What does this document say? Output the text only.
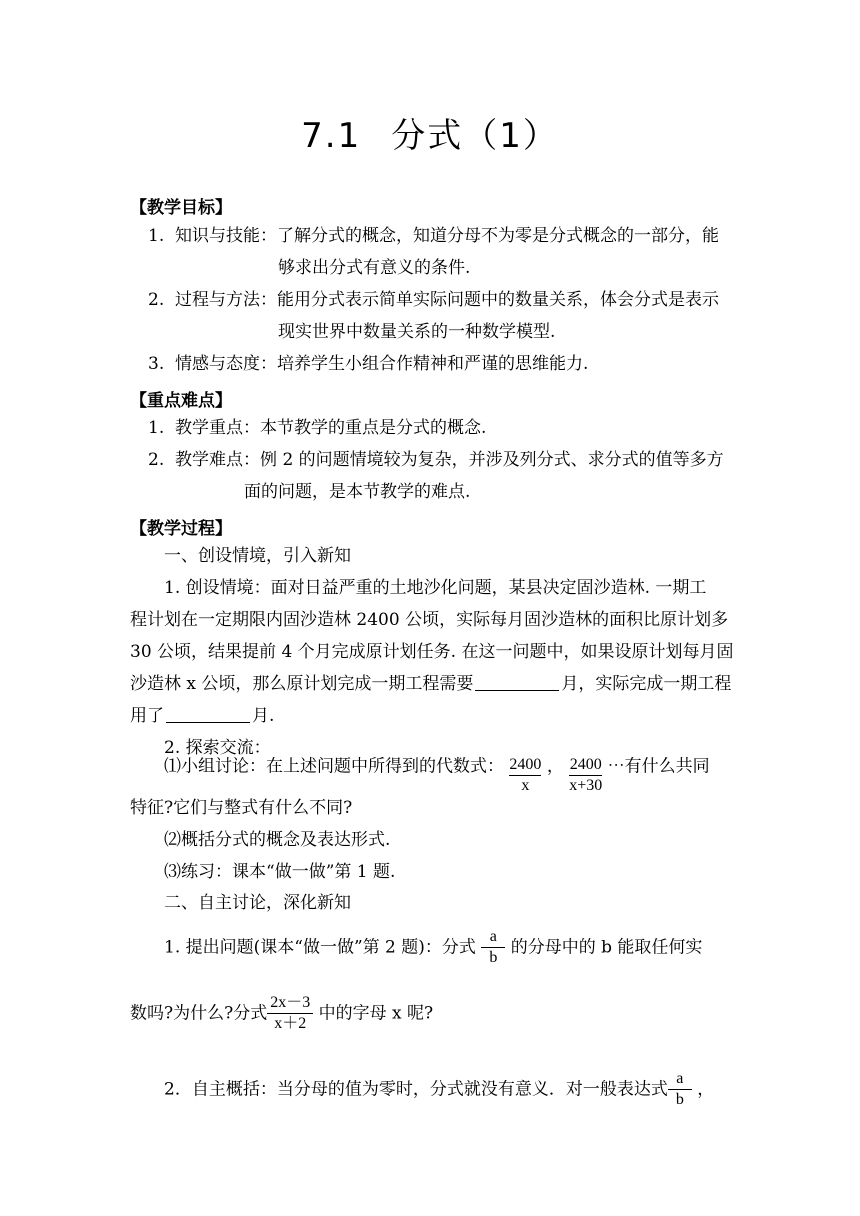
7.1 分式（1）
【教学目标】
1. 知识与技能：了解分式的概念，知道分母不为零是分式概念的一部分，能
够求出分式有意义的条件.
2. 过程与方法：能用分式表示简单实际问题中的数量关系，体会分式是表示
现实世界中数量关系的一种数学模型.
3. 情感与态度：培养学生小组合作精神和严谨的思维能力.
【重点难点】
1. 教学重点：本节教学的重点是分式的概念.
2. 教学难点：例 2 的问题情境较为复杂，并涉及列分式、求分式的值等多方
面的问题，是本节教学的难点.
【教学过程】
一、创设情境，引入新知
1. 创设情境：面对日益严重的土地沙化问题，某县决定固沙造林. 一期工
程计划在一定期限内固沙造林 2400 公顷，实际每月固沙造林的面积比原计划多
30 公顷，结果提前 4 个月完成原计划任务. 在这一问题中，如果设原计划每月固
沙造林 x 公顷，那么原计划完成一期工程需要	月，实际完成一期工程
用了	月.
2. 探索交流：
⑴小组讨论：在上述问题中所得到的代数式： $\frac{2400}{x}$ ， $\frac{2400}{x+30}$ ⋯有什么共同
特征?它们与整式有什么不同?
⑵概括分式的概念及表达形式.
⑶练习：课本“做一做”第 1 题.
二、自主讨论，深化新知
1. 提出问题(课本“做一做”第 2 题)：分式 $\frac{a}{b}$ 的分母中的 b 能取任何实
数吗?为什么?分式 $\frac{2x-3}{x+2}$ 中的字母 x 呢?
2．自主概括：当分母的值为零时，分式就没有意义．对一般表达式 $\frac{a}{b}$ ，
